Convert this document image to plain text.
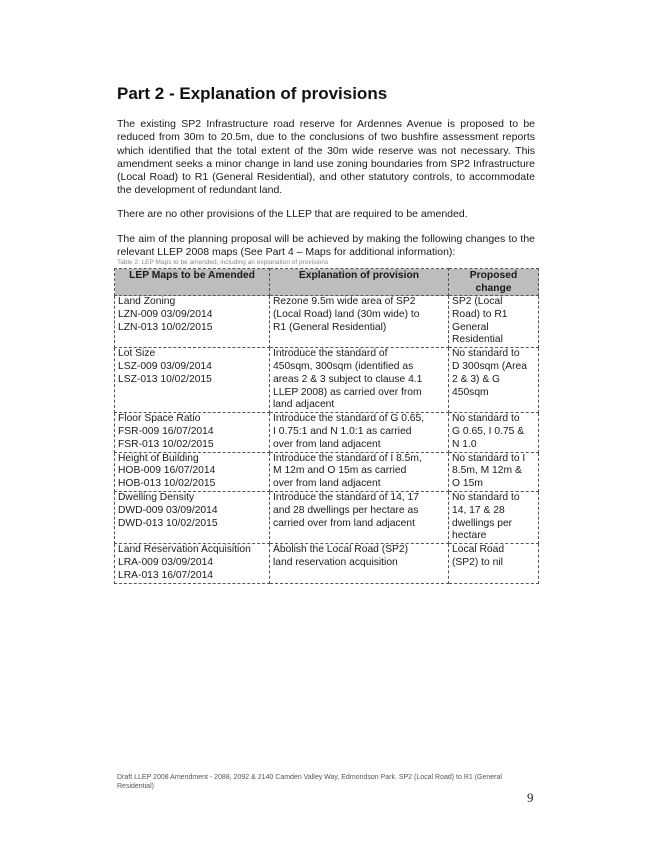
Part 2 - Explanation of provisions

The existing SP2 Infrastructure road reserve for Ardennes Avenue is proposed to be reduced from 30m to 20.5m, due to the conclusions of two bushfire assessment reports which identified that the total extent of the 30m wide reserve was not necessary. This amendment seeks a minor change in land use zoning boundaries from SP2 Infrastructure (Local Road) to R1 (General Residential), and other statutory controls, to accommodate the development of redundant land.

There are no other provisions of the LLEP that are required to be amended.

The aim of the planning proposal will be achieved by making the following changes to the relevant LLEP 2008 maps (See Part 4 – Maps for additional information):

Table 2: LEP Maps to be amended, including an explanation of provisions

LEP Maps to be Amended	Explanation of provision	Proposed change

Land Zoning
LZN-009 03/09/2014
LZN-013 10/02/2015	Rezone 9.5m wide area of SP2
(Local Road) land (30m wide) to
R1 (General Residential)	SP2 (Local
Road) to R1
General
Residential

Lot Size
LSZ-009 03/09/2014
LSZ-013 10/02/2015	Introduce the standard of
450sqm, 300sqm (identified as
areas 2 & 3 subject to clause 4.1
LLEP 2008) as carried over from
land adjacent	No standard to
D 300sqm (Area
2 & 3) & G
450sqm

Floor Space Ratio
FSR-009 16/07/2014
FSR-013 10/02/2015	Introduce the standard of G 0.65,
I 0.75:1 and N 1.0:1 as carried
over from land adjacent	No standard to
G 0.65, I 0.75 &
N 1.0

Height of Building
HOB-009 16/07/2014
HOB-013 10/02/2015	Introduce the standard of I 8.5m,
M 12m and O 15m as carried
over from land adjacent	No standard to I
8.5m, M 12m &
O 15m

Dwelling Density
DWD-009 03/09/2014
DWD-013 10/02/2015	Introduce the standard of 14, 17
and 28 dwellings per hectare as
carried over from land adjacent	No standard to
14, 17 & 28
dwellings per
hectare

Land Reservation Acquisition
LRA-009 03/09/2014
LRA-013 16/07/2014	Abolish the Local Road (SP2)
land reservation acquisition	Local Road
(SP2) to nil

Draft LLEP 2008 Amendment - 2088, 2092 & 2140 Camden Valley Way, Edmondson Park. SP2 (Local Road) to R1 (General Residential)

9
